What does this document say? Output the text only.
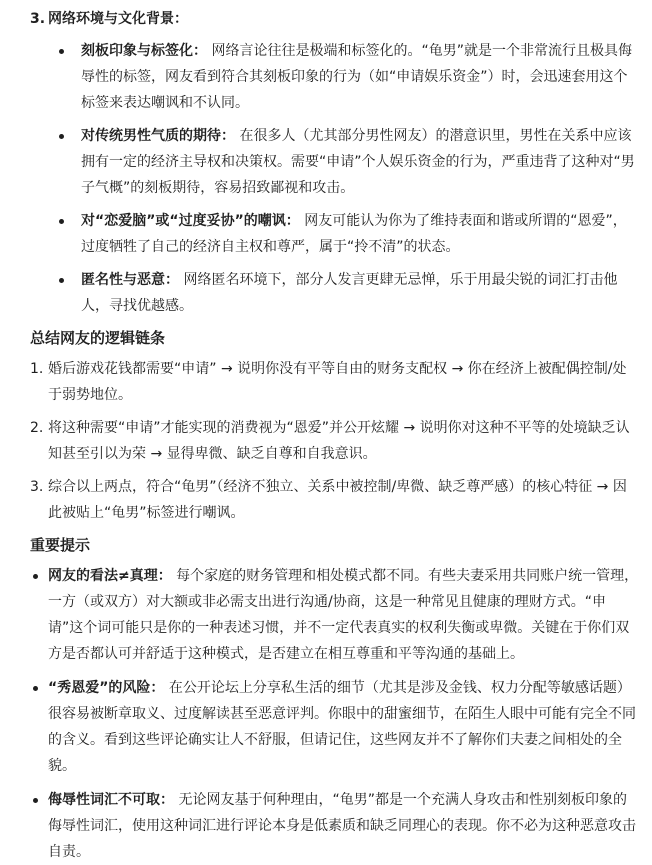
3. 网络环境与文化背景：
刻板印象与标签化： 网络言论往往是极端和标签化的。“龟男”就是一个非常流行且极具侮辱性的标签，网友看到符合其刻板印象的行为（如“申请娱乐资金”）时，会迅速套用这个标签来表达嘲讽和不认同。
对传统男性气质的期待： 在很多人（尤其部分男性网友）的潜意识里，男性在关系中应该拥有一定的经济主导权和决策权。需要“申请”个人娱乐资金的行为，严重违背了这种对“男子气概”的刻板期待，容易招致鄙视和攻击。
对“恋爱脑”或“过度妥协”的嘲讽： 网友可能认为你为了维持表面和谐或所谓的“恩爱”，过度牺牲了自己的经济自主权和尊严，属于“拎不清”的状态。
匿名性与恶意： 网络匿名环境下，部分人发言更肆无忌惮，乐于用最尖锐的词汇打击他人，寻找优越感。
总结网友的逻辑链条
1. 婚后游戏花钱都需要“申请” → 说明你没有平等自由的财务支配权 → 你在经济上被配偶控制/处于弱势地位。
2. 将这种需要“申请”才能实现的消费视为“恩爱”并公开炫耀 → 说明你对这种不平等的处境缺乏认知甚至引以为荣 → 显得卑微、缺乏自尊和自我意识。
3. 综合以上两点，符合“龟男”（经济不独立、关系中被控制/卑微、缺乏尊严感）的核心特征 → 因此被贴上“龟男”标签进行嘲讽。
重要提示
网友的看法≠真理： 每个家庭的财务管理和相处模式都不同。有些夫妻采用共同账户统一管理，一方（或双方）对大额或非必需支出进行沟通/协商，这是一种常见且健康的理财方式。“申请”这个词可能只是你的一种表述习惯，并不一定代表真实的权利失衡或卑微。关键在于你们双方是否都认可并舒适于这种模式，是否建立在相互尊重和平等沟通的基础上。
“秀恩爱”的风险： 在公开论坛上分享私生活的细节（尤其是涉及金钱、权力分配等敏感话题）很容易被断章取义、过度解读甚至恶意评判。你眼中的甜蜜细节，在陌生人眼中可能有完全不同的含义。看到这些评论确实让人不舒服，但请记住，这些网友并不了解你们夫妻之间相处的全貌。
侮辱性词汇不可取： 无论网友基于何种理由，“龟男”都是一个充满人身攻击和性别刻板印象的侮辱性词汇，使用这种词汇进行评论本身是低素质和缺乏同理心的表现。你不必为这种恶意攻击自责。
